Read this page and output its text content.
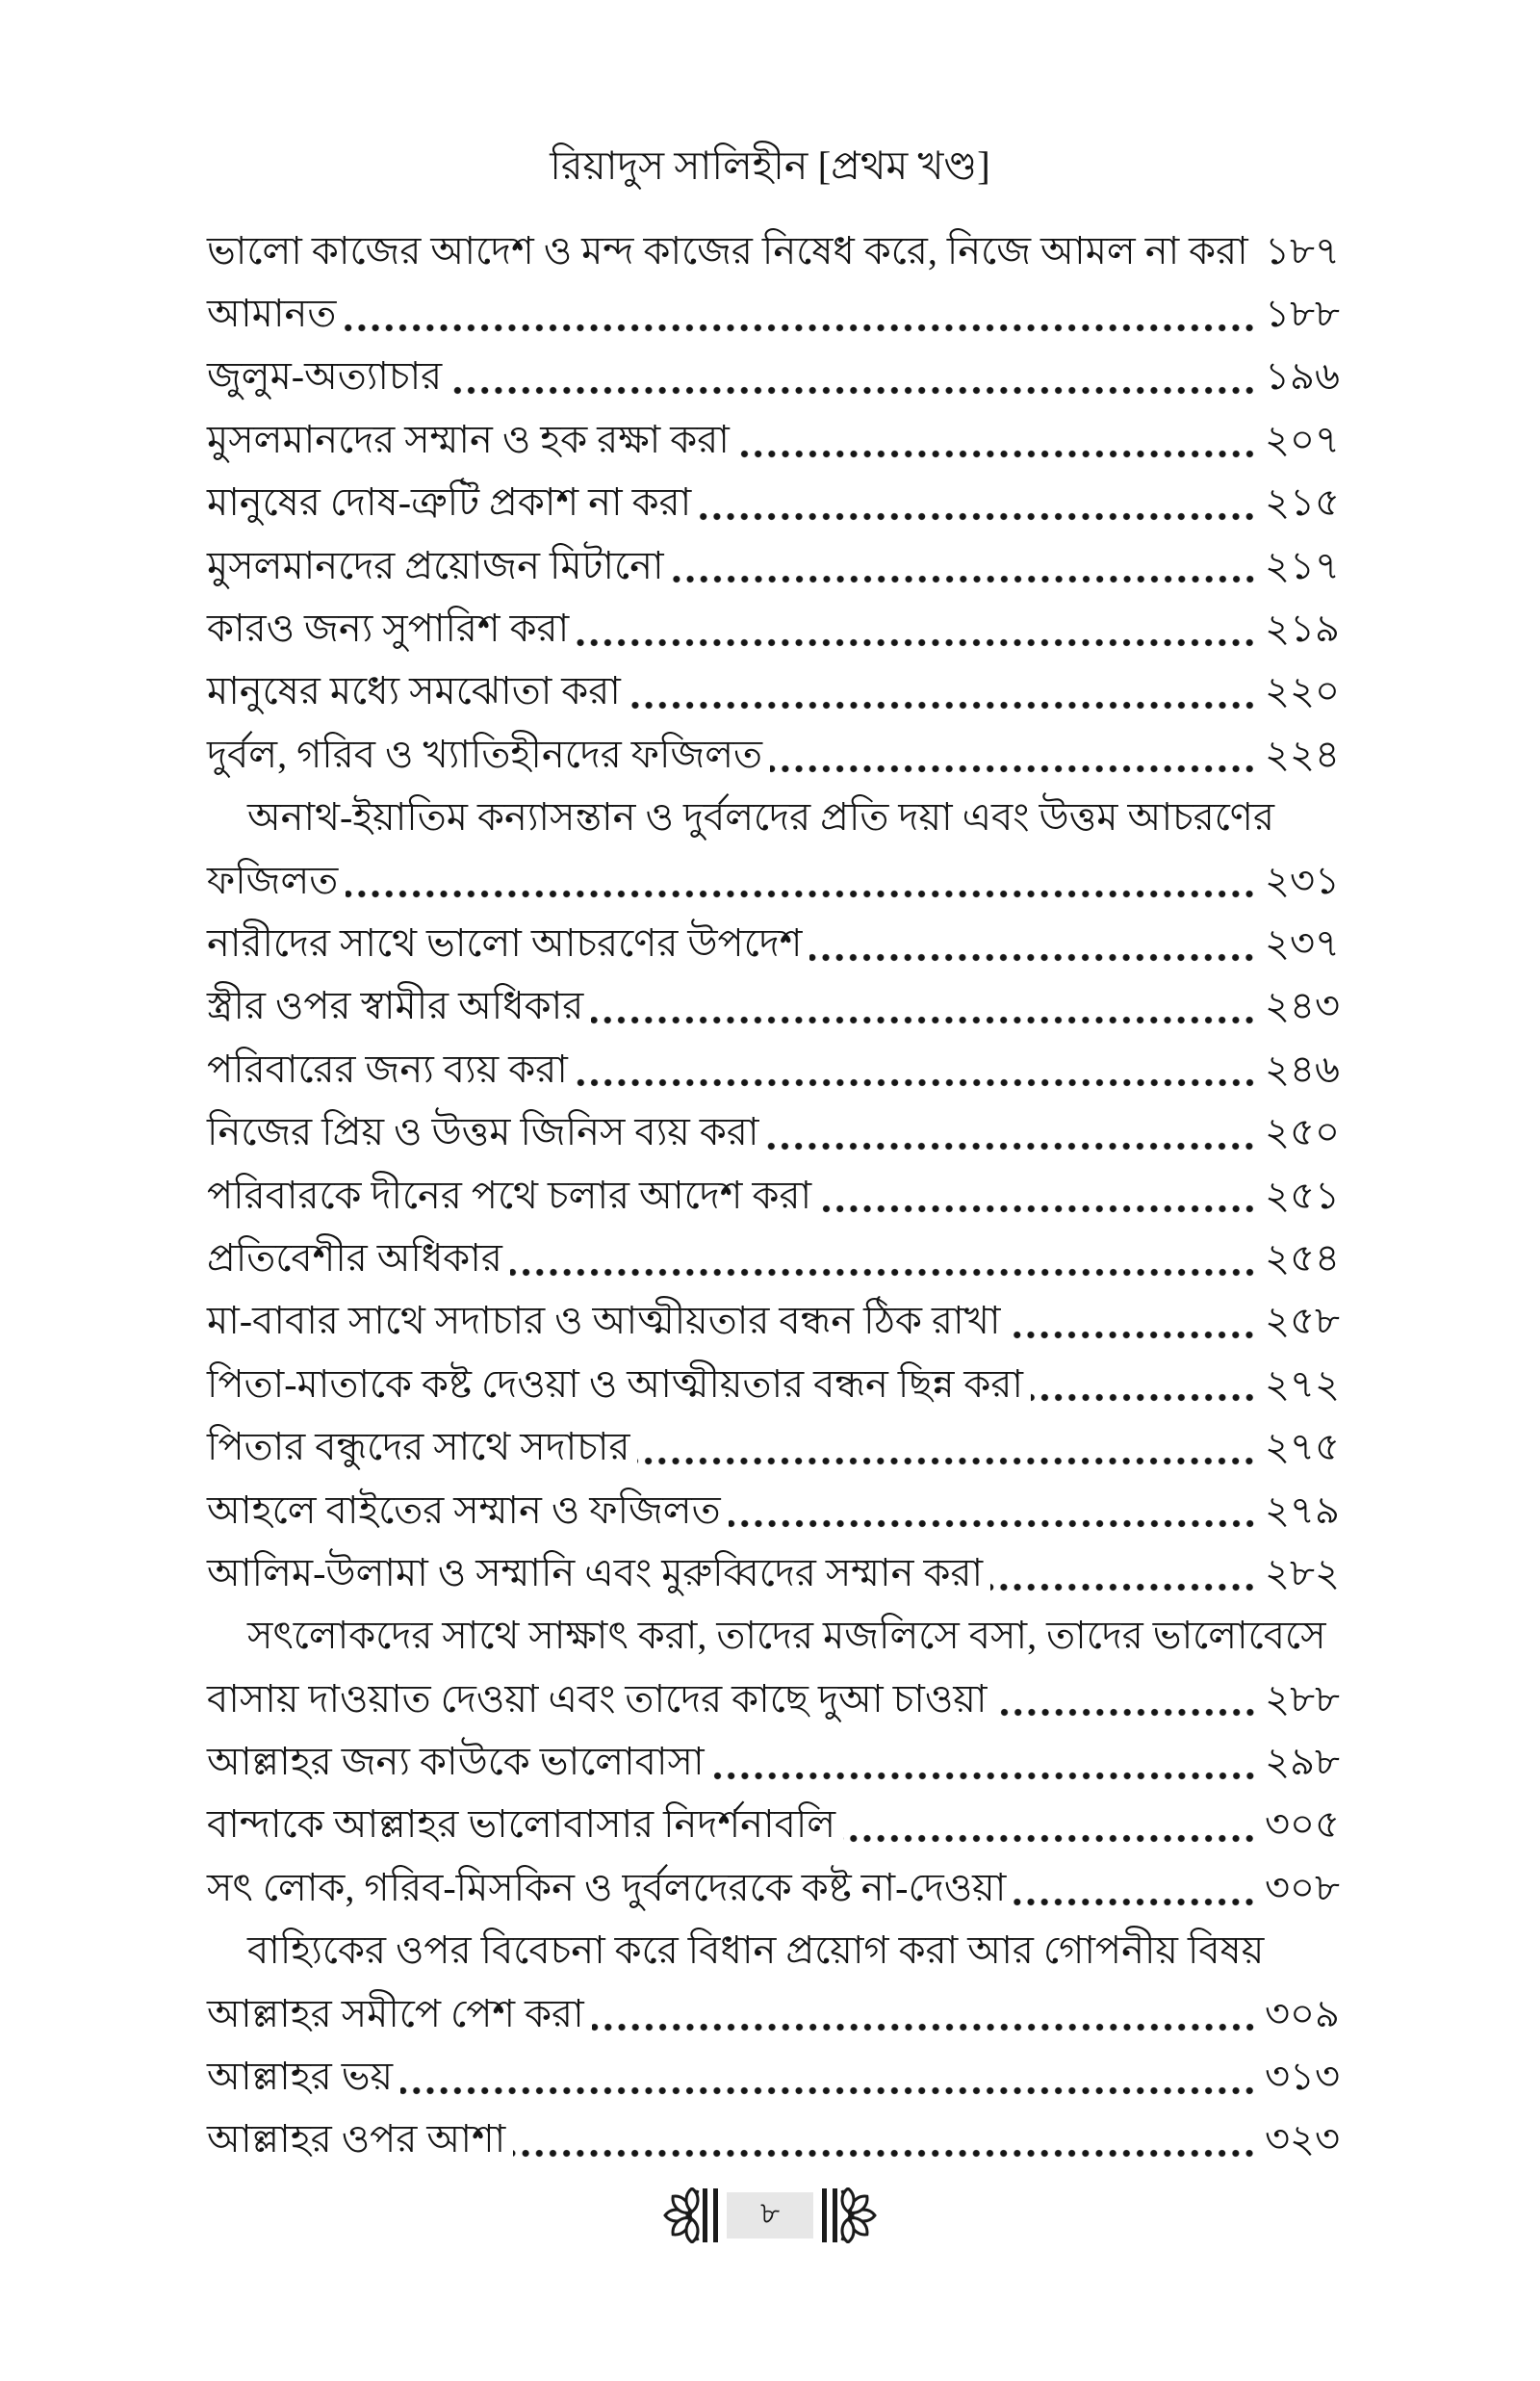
রিয়াদুস সালিহীন [প্রথম খণ্ড]
ভালো কাজের আদেশ ও মন্দ কাজের নিষেধ করে, নিজে আমল না করা ১৮৭
আমানত	১৮৮
জুলুম-অত্যাচার	১৯৬
মুসলমানদের সম্মান ও হক রক্ষা করা	২০৭
মানুষের দোষ-ত্রুটি প্রকাশ না করা	২১৫
মুসলমানদের প্রয়োজন মিটানো	২১৭
কারও জন্য সুপারিশ করা	২১৯
মানুষের মধ্যে সমঝোতা করা	২২০
দুর্বল, গরিব ও খ্যাতিহীনদের ফজিলত	২২৪
অনাথ-ইয়াতিম কন্যাসন্তান ও দুর্বলদের প্রতি দয়া এবং উত্তম আচরণের
ফজিলত	২৩১
নারীদের সাথে ভালো আচরণের উপদেশ	২৩৭
স্ত্রীর ওপর স্বামীর অধিকার	২৪৩
পরিবারের জন্য ব্যয় করা	২৪৬
নিজের প্রিয় ও উত্তম জিনিস ব্যয় করা	২৫০
পরিবারকে দীনের পথে চলার আদেশ করা	২৫১
প্রতিবেশীর অধিকার	২৫৪
মা-বাবার সাথে সদাচার ও আত্মীয়তার বন্ধন ঠিক রাখা	২৫৮
পিতা-মাতাকে কষ্ট দেওয়া ও আত্মীয়তার বন্ধন ছিন্ন করা	২৭২
পিতার বন্ধুদের সাথে সদাচার	২৭৫
আহলে বাইতের সম্মান ও ফজিলত	২৭৯
আলিম-উলামা ও সম্মানি এবং মুরুব্বিদের সম্মান করা	২৮২
সৎলোকদের সাথে সাক্ষাৎ করা, তাদের মজলিসে বসা, তাদের ভালোবেসে
বাসায় দাওয়াত দেওয়া এবং তাদের কাছে দুআ চাওয়া	২৮৮
আল্লাহর জন্য কাউকে ভালোবাসা	২৯৮
বান্দাকে আল্লাহর ভালোবাসার নিদর্শনাবলি	৩০৫
সৎ লোক, গরিব-মিসকিন ও দুর্বলদেরকে কষ্ট না-দেওয়া	৩০৮
বাহ্যিকের ওপর বিবেচনা করে বিধান প্রয়োগ করা আর গোপনীয় বিষয়
আল্লাহর সমীপে পেশ করা	৩০৯
আল্লাহর ভয়	৩১৩
আল্লাহর ওপর আশা	৩২৩
৮
